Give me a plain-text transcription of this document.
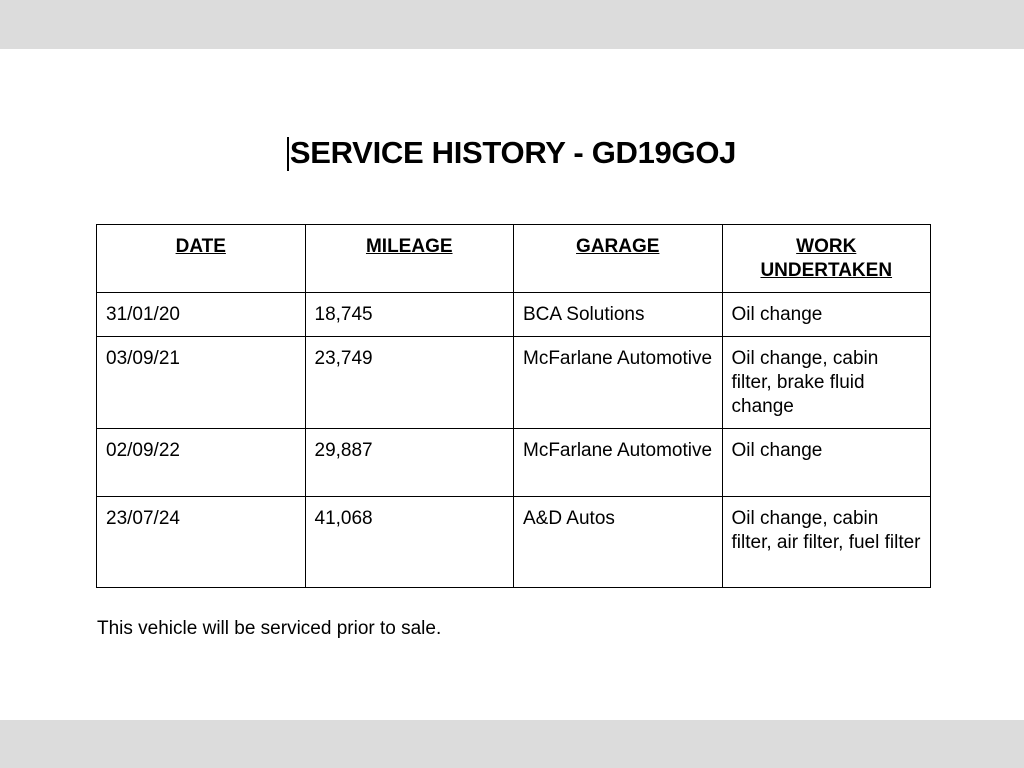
SERVICE HISTORY - GD19GOJ
DATE	MILEAGE	GARAGE	WORK UNDERTAKEN
31/01/20	18,745	BCA Solutions	Oil change
03/09/21	23,749	McFarlane Automotive	Oil change, cabin filter, brake fluid change
02/09/22	29,887	McFarlane Automotive	Oil change
23/07/24	41,068	A&D Autos	Oil change, cabin filter, air filter, fuel filter
This vehicle will be serviced prior to sale.
